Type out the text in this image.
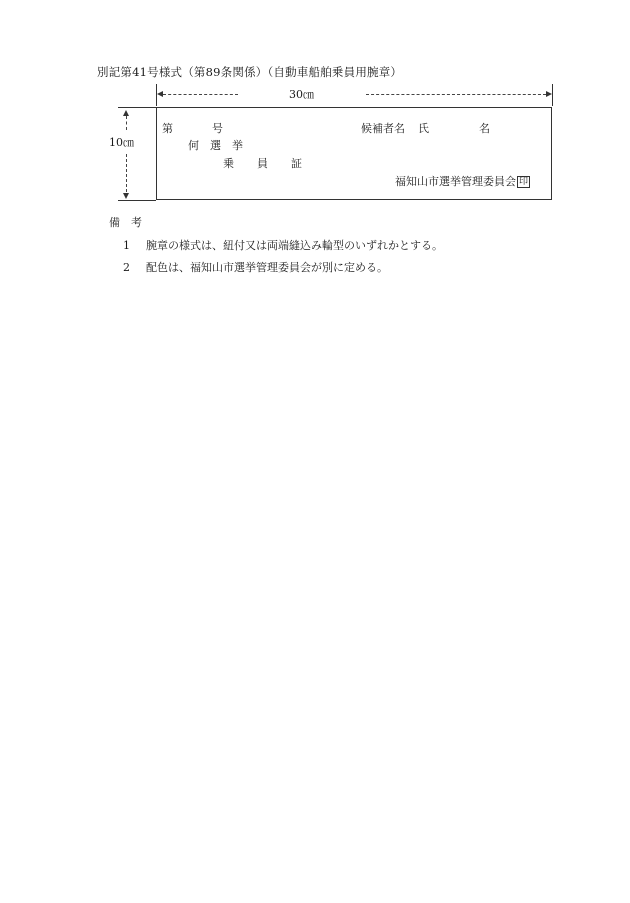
別記第41号様式（第89条関係）（自動車船舶乗員用腕章）
30㎝
10㎝
第	号	候補者名 氏	名
何 選 挙
乗 員 証
福知山市選挙管理委員会 印
備　考
1 腕章の様式は、紐付又は両端縫込み輪型のいずれかとする。
2 配色は、福知山市選挙管理委員会が別に定める。
